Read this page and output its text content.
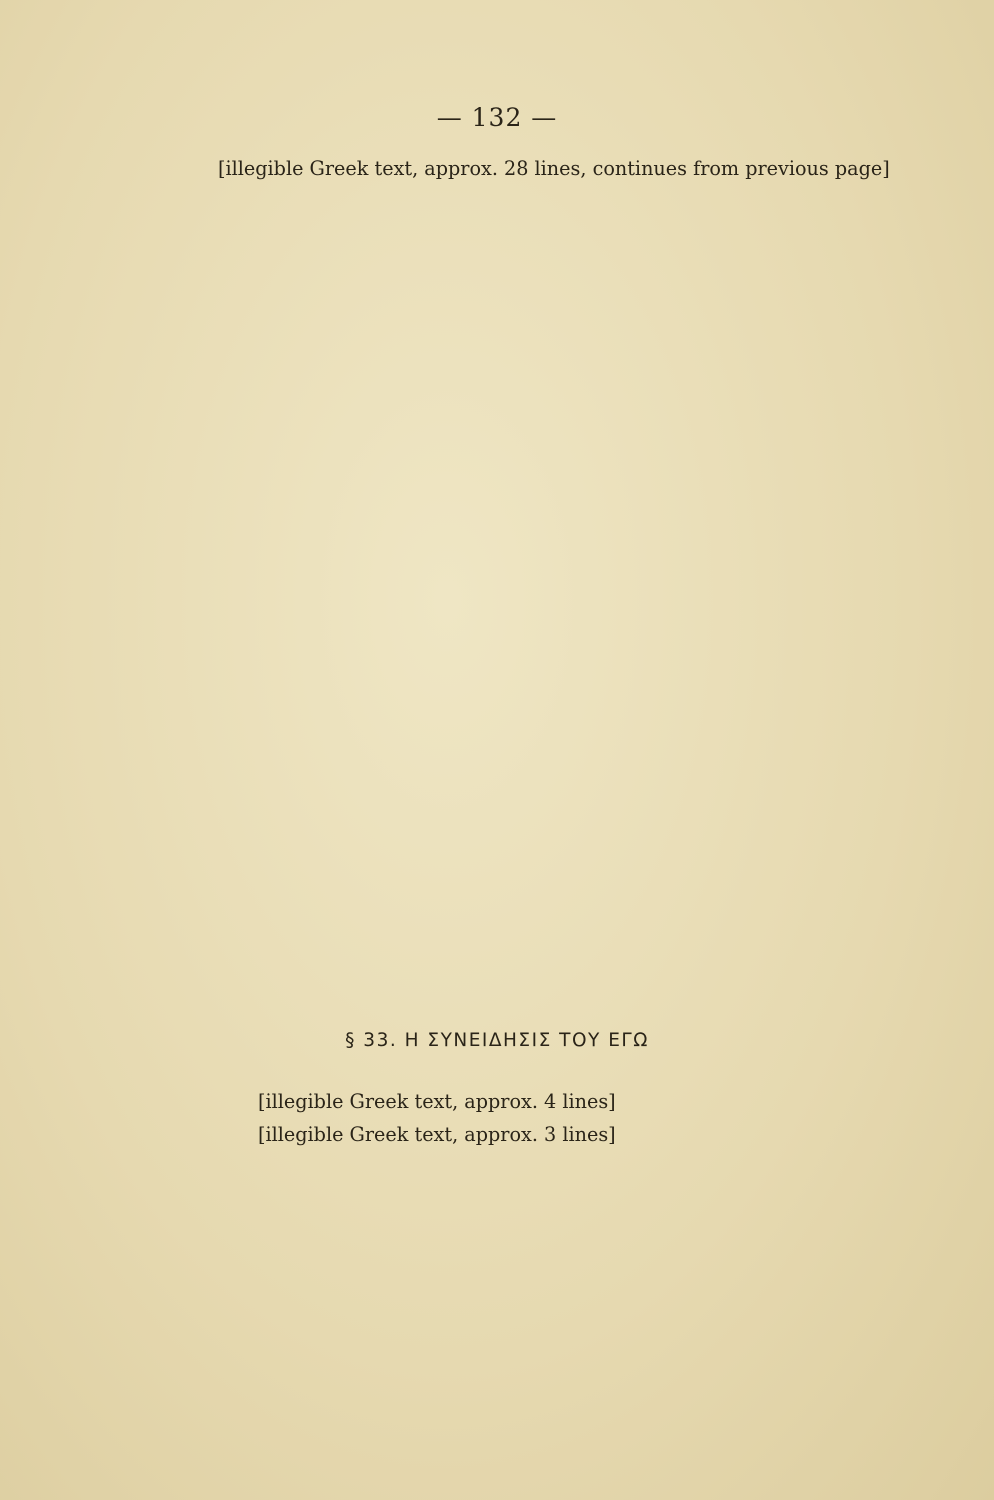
— 132 —

[illegible Greek text, approx. 28 lines, continues from previous page]

§ 33. Η ΣΥΝΕΙΔΗΣΙΣ ΤΟΥ ΕΓΩ

[illegible Greek text, approx. 4 lines]

[illegible Greek text, approx. 3 lines]
